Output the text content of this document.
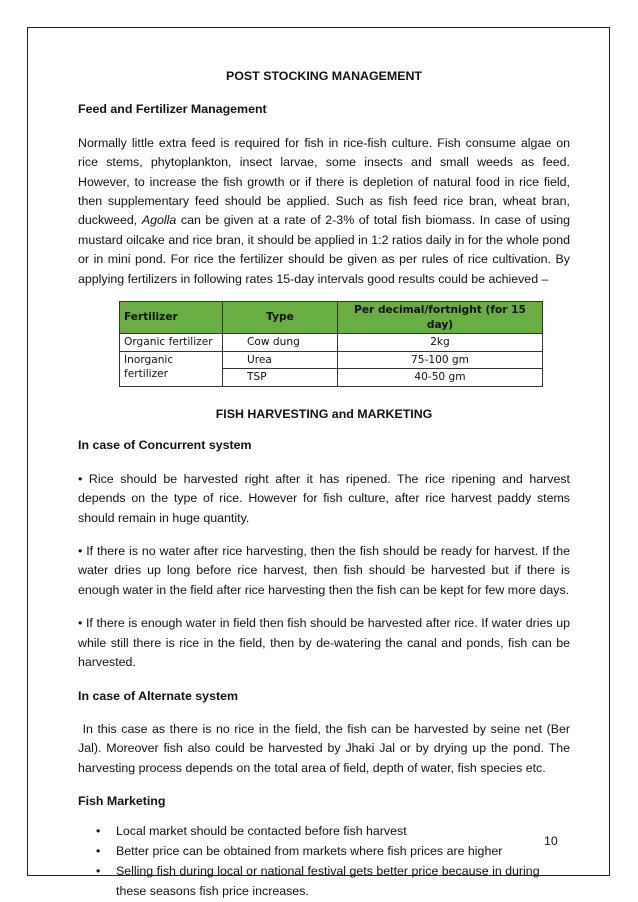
POST STOCKING MANAGEMENT

Feed and Fertilizer Management

Normally little extra feed is required for fish in rice-fish culture. Fish consume algae on rice stems, phytoplankton, insect larvae, some insects and small weeds as feed. However, to increase the fish growth or if there is depletion of natural food in rice field, then supplementary feed should be applied. Such as fish feed rice bran, wheat bran, duckweed, Agolla can be given at a rate of 2-3% of total fish biomass. In case of using mustard oilcake and rice bran, it should be applied in 1:2 ratios daily in for the whole pond or in mini pond. For rice the fertilizer should be given as per rules of rice cultivation. By applying fertilizers in following rates 15-day intervals good results could be achieved –

Fertilizer	Type	Per decimal/fortnight (for 15 day)
Organic fertilizer	Cow dung	2kg
Inorganic fertilizer	Urea	75-100 gm
	TSP	40-50 gm
FISH HARVESTING and MARKETING

In case of Concurrent system

• Rice should be harvested right after it has ripened. The rice ripening and harvest depends on the type of rice. However for fish culture, after rice harvest paddy stems should remain in huge quantity.

• If there is no water after rice harvesting, then the fish should be ready for harvest. If the water dries up long before rice harvest, then fish should be harvested but if there is enough water in the field after rice harvesting then the fish can be kept for few more days.

• If there is enough water in field then fish should be harvested after rice. If water dries up while still there is rice in the field, then by de-watering the canal and ponds, fish can be harvested.

In case of Alternate system

In this case as there is no rice in the field, the fish can be harvested by seine net (Ber Jal). Moreover fish also could be harvested by Jhaki Jal or by drying up the pond. The harvesting process depends on the total area of field, depth of water, fish species etc.

Fish Marketing

• Local market should be contacted before fish harvest
• Better price can be obtained from markets where fish prices are higher
• Selling fish during local or national festival gets better price because in during these seasons fish price increases.
10
